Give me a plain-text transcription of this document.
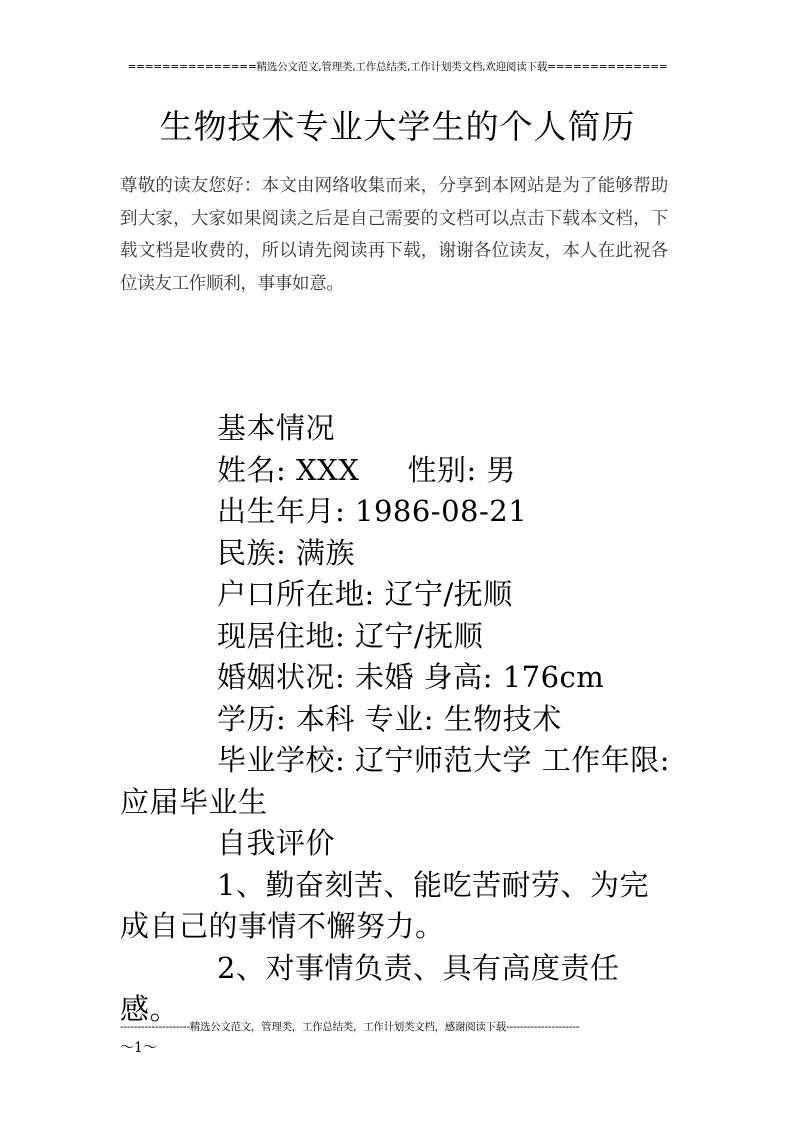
===============精选公文范文,管理类,工作总结类,工作计划类文档,欢迎阅读下载==============
生物技术专业大学生的个人简历
尊敬的读友您好：本文由网络收集而来，分享到本网站是为了能够帮助到大家，大家如果阅读之后是自己需要的文档可以点击下载本文档，下载文档是收费的，所以请先阅读再下载，谢谢各位读友，本人在此祝各位读友工作顺利，事事如意。
基本情况
姓名: XXX 性别: 男
出生年月: 1986-08-21
民族: 满族
户口所在地: 辽宁/抚顺
现居住地: 辽宁/抚顺
婚姻状况: 未婚 身高: 176cm
学历: 本科 专业: 生物技术
毕业学校: 辽宁师范大学 工作年限: 应届毕业生
自我评价
1、勤奋刻苦、能吃苦耐劳、为完成自己的事情不懈努力。
2、对事情负责、具有高度责任感。
--------------------精选公文范文，管理类，工作总结类，工作计划类文档，感谢阅读下载---------------------
～1～
